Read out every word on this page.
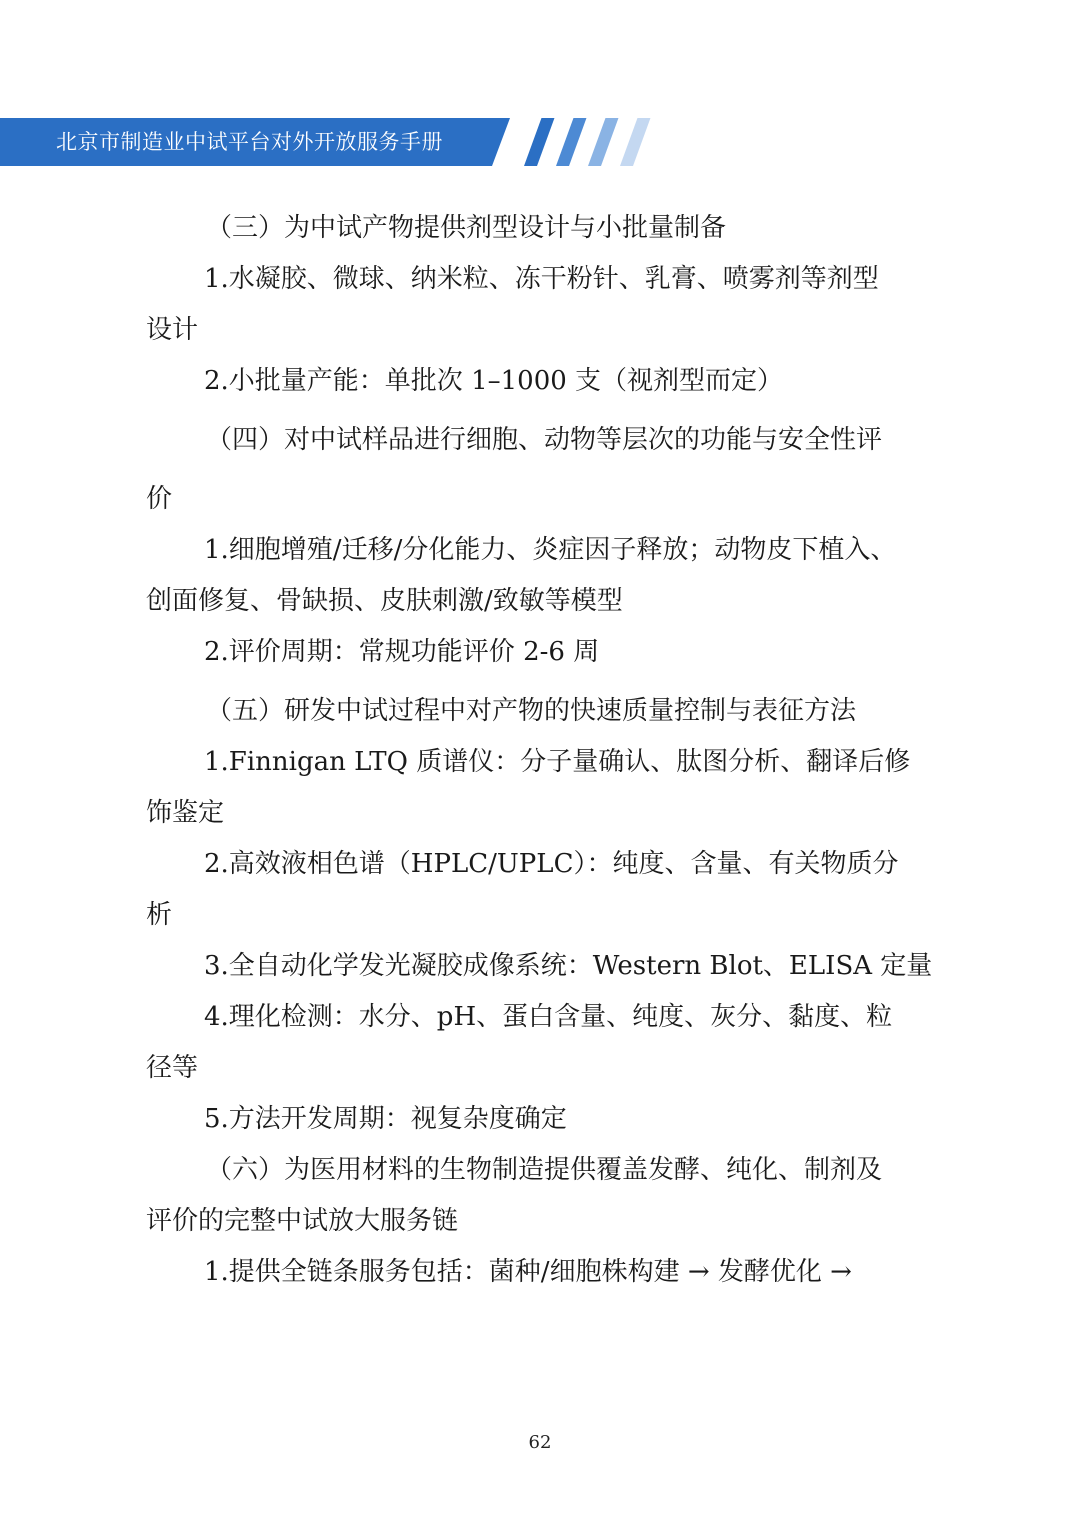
北京市制造业中试平台对外开放服务手册
（三）为中试产物提供剂型设计与小批量制备
1.水凝胶、微球、纳米粒、冻干粉针、乳膏、喷雾剂等剂型
设计
2.小批量产能：单批次 1–1000 支（视剂型而定）
（四）对中试样品进行细胞、动物等层次的功能与安全性评
价
1.细胞增殖/迁移/分化能力、炎症因子释放；动物皮下植入、
创面修复、骨缺损、皮肤刺激/致敏等模型
2.评价周期：常规功能评价 2-6 周
（五）研发中试过程中对产物的快速质量控制与表征方法
1.Finnigan LTQ 质谱仪：分子量确认、肽图分析、翻译后修
饰鉴定
2.高效液相色谱（HPLC/UPLC）：纯度、含量、有关物质分
析
3.全自动化学发光凝胶成像系统：Western Blot、ELISA 定量
4.理化检测：水分、pH、蛋白含量、纯度、灰分、黏度、粒
径等
5.方法开发周期：视复杂度确定
（六）为医用材料的生物制造提供覆盖发酵、纯化、制剂及
评价的完整中试放大服务链
1.提供全链条服务包括：菌种/细胞株构建 → 发酵优化 →
62
